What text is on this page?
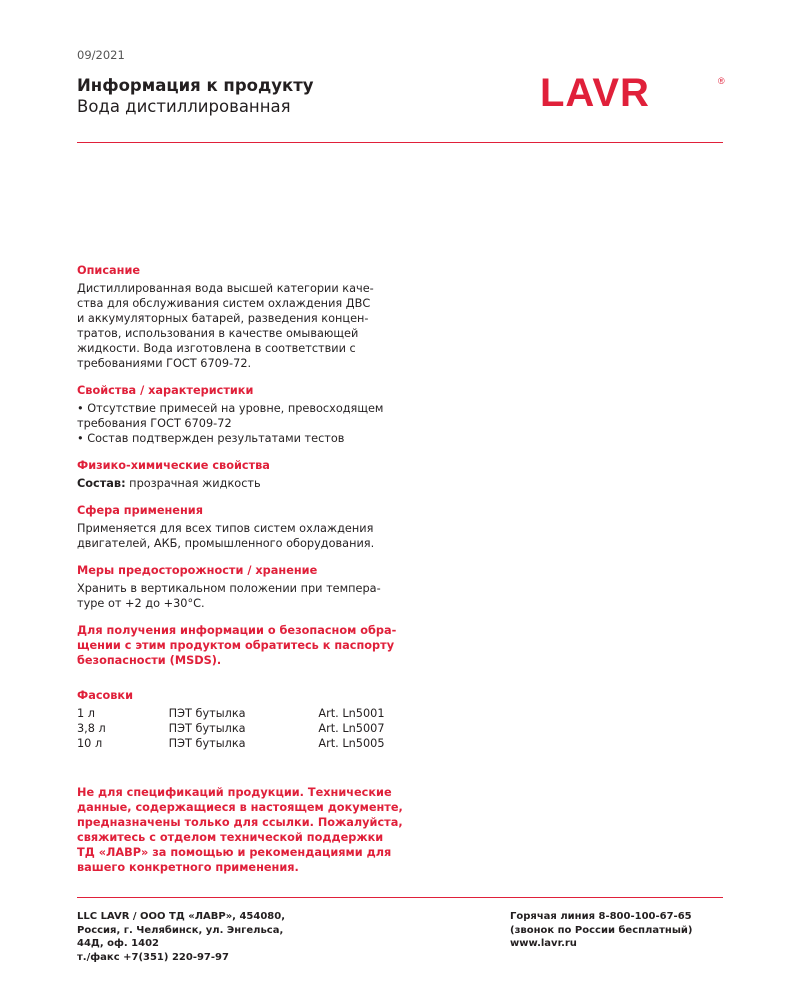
09/2021
Информация к продукту
Вода дистиллированная	LAVR	®
Описание
Дистиллированная вода высшей категории каче-
ства для обслуживания систем охлаждения ДВС
и аккумуляторных батарей, разведения концен-
тратов, использования в качестве омывающей
жидкости. Вода изготовлена в соответствии с
требованиями ГОСТ 6709-72.
Свойства / характеристики
• Отсутствие примесей на уровне, превосходящем
требования ГОСТ 6709-72
• Состав подтвержден результатами тестов
Физико-химические свойства
Состав: прозрачная жидкость
Сфера применения
Применяется для всех типов систем охлаждения
двигателей, АКБ, промышленного оборудования.
Меры предосторожности / хранение
Хранить в вертикальном положении при темпера-
туре от +2 до +30°С.
Для получения информации о безопасном обра-
щении с этим продуктом обратитесь к паспорту
безопасности (MSDS).
Фасовки
1 л	ПЭТ бутылка	Art. Ln5001
3,8 л	ПЭТ бутылка	Art. Ln5007
10 л	ПЭТ бутылка	Art. Ln5005
Не для спецификаций продукции. Технические
данные, содержащиеся в настоящем документе,
предназначены только для ссылки. Пожалуйста,
свяжитесь с отделом технической поддержки
ТД «ЛАВР» за помощью и рекомендациями для
вашего конкретного применения.
LLC LAVR / ООО ТД «ЛАВР», 454080,
Россия, г. Челябинск, ул. Энгельса,
44Д, оф. 1402
т./факс +7(351) 220-97-97
Горячая линия 8-800-100-67-65
(звонок по России бесплатный)
www.lavr.ru
